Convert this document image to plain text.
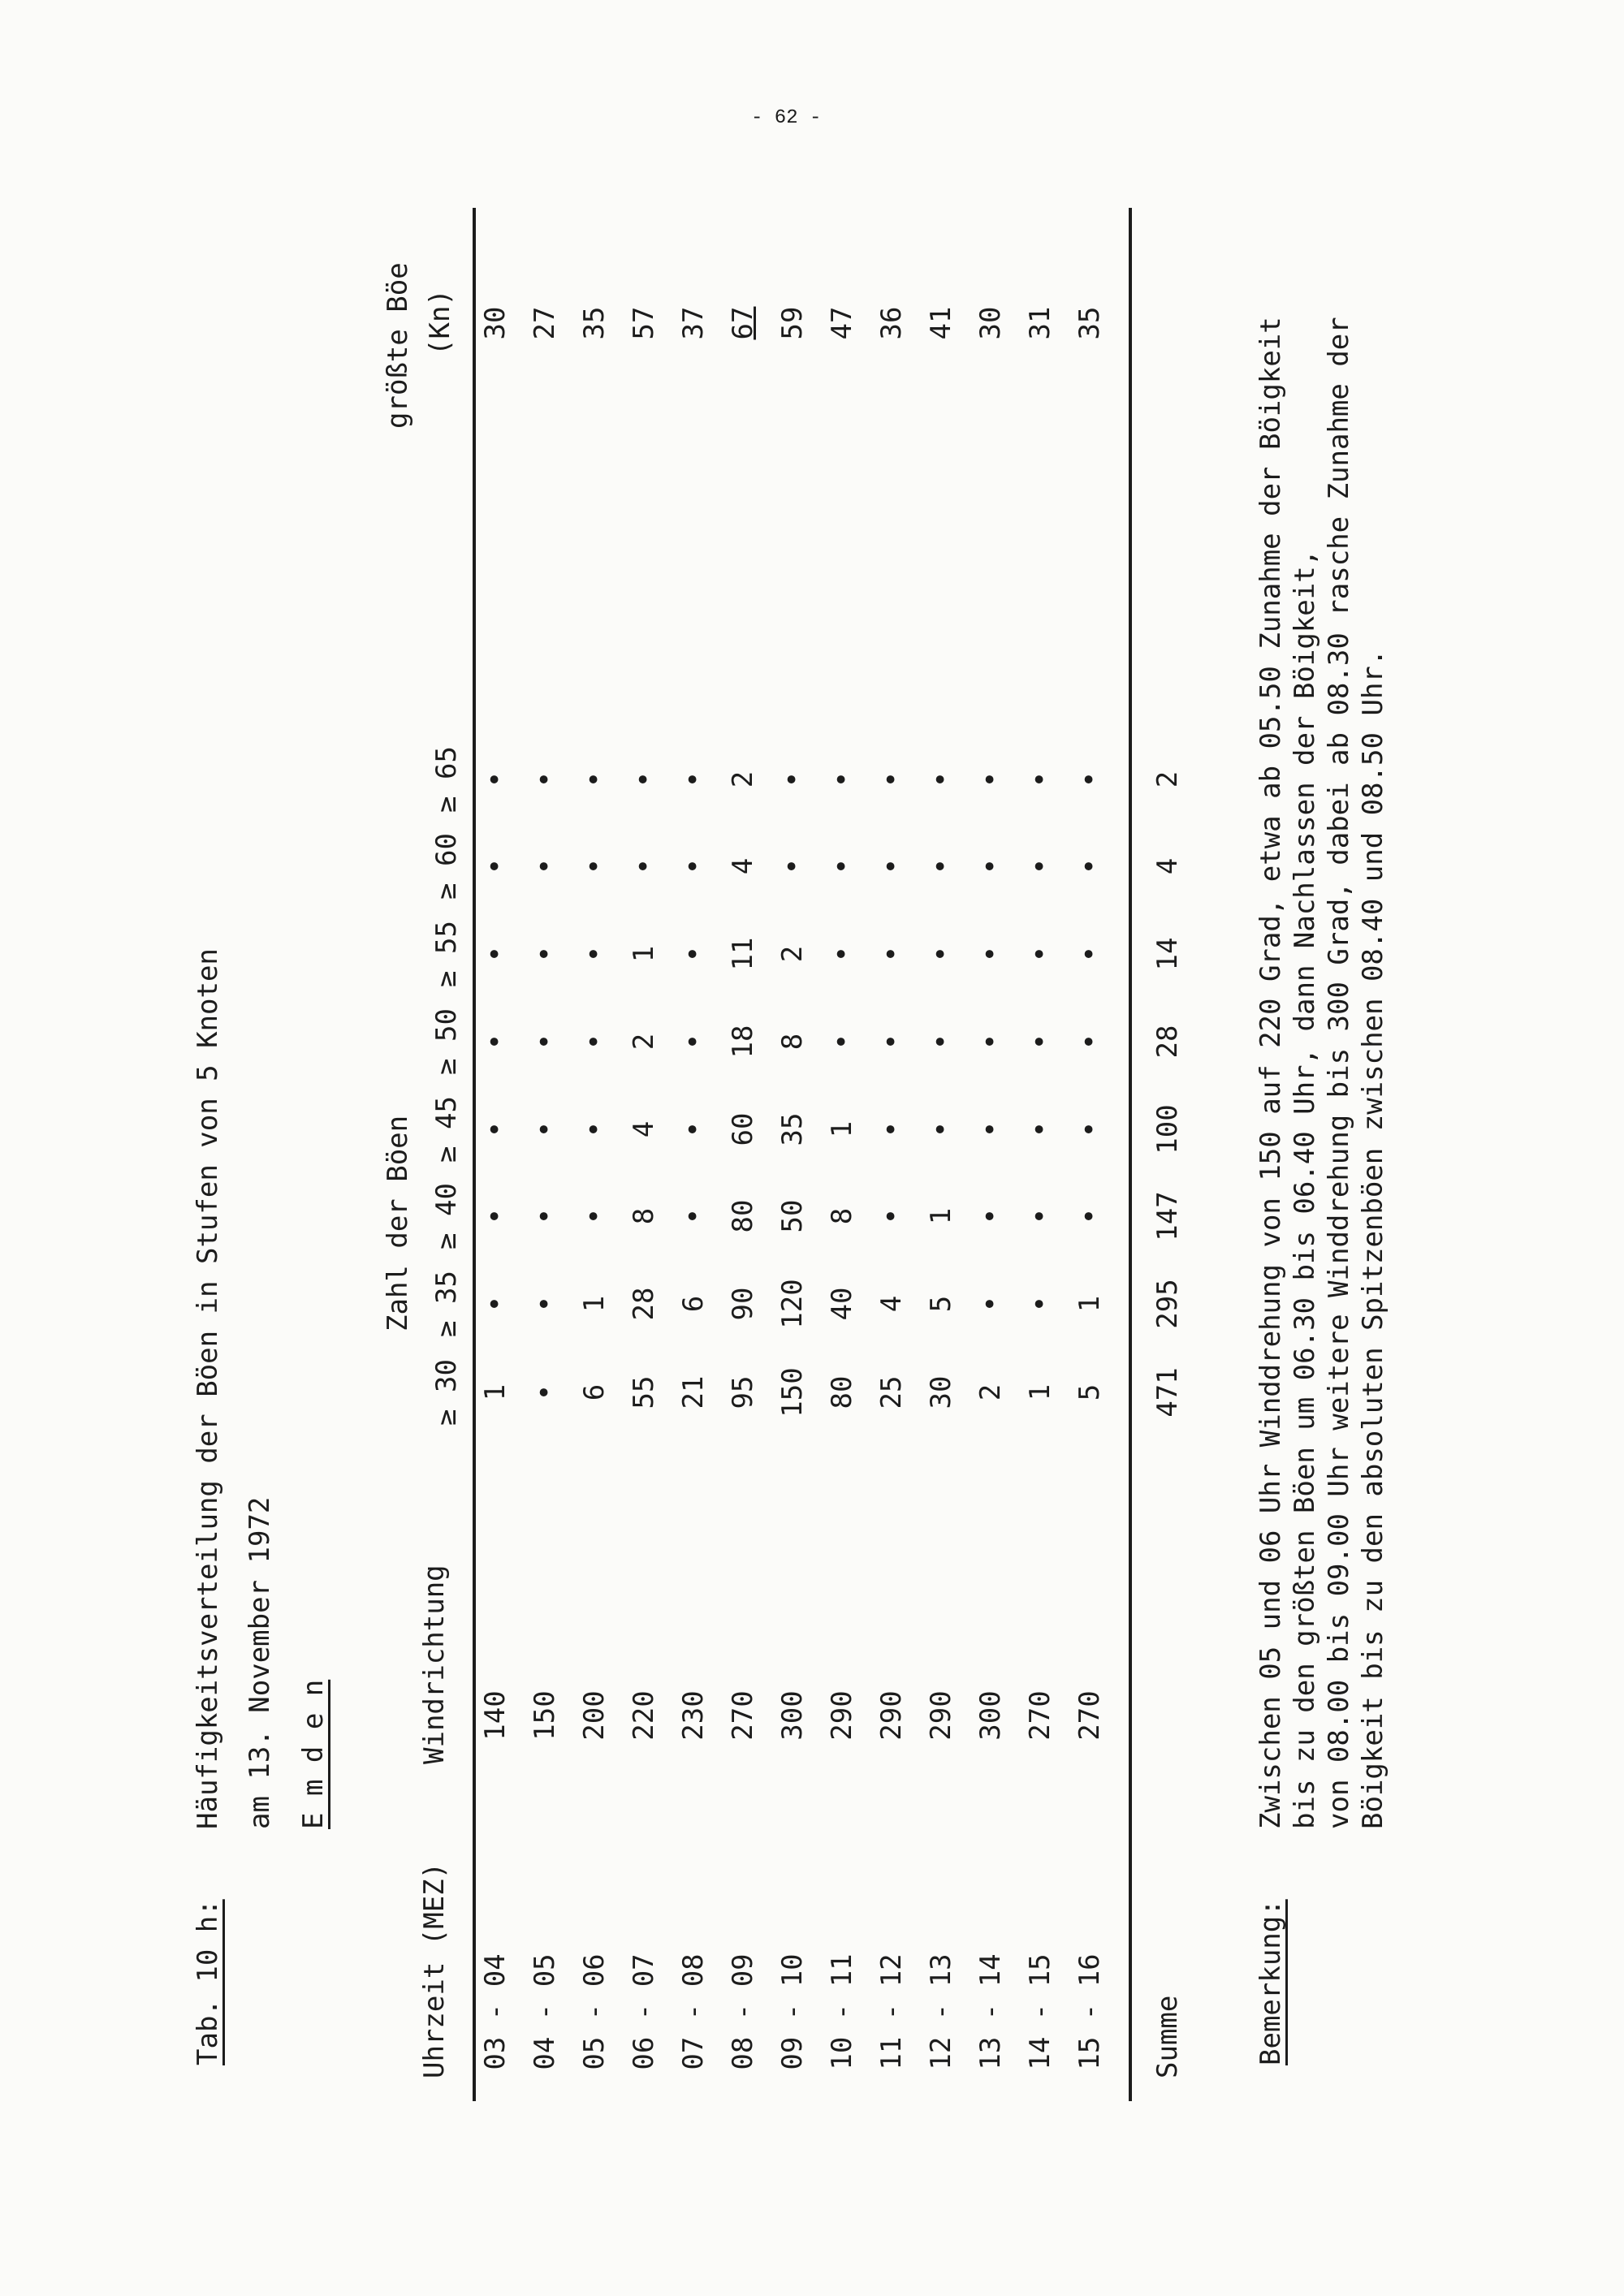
- 62 -
Tab. 10 h:
Häufigkeitsverteilung der Böen in Stufen von 5 Knoten am 13. November 1972 E m d e n
Zahl der Böen
größte Böe
Uhrzeit (MEZ)
Windrichtung
(Kn)
≥ 30
≥ 35
≥ 40
≥ 45
≥ 50
≥ 55
≥ 60
≥ 65
03 - 04
140
1
•
•
•
•
•
•
•
30
04 - 05
150
•
•
•
•
•
•
•
•
27
05 - 06
200
6
1
•
•
•
•
•
•
35
06 - 07
220
55
28
8
4
2
1
•
•
57
07 - 08
230
21
6
•
•
•
•
•
•
37
08 - 09
270
95
90
80
60
18
11
4
2
67
09 - 10
300
150
120
50
35
8
2
•
•
59
10 - 11
290
80
40
8
1
•
•
•
•
47
11 - 12
290
25
4
•
•
•
•
•
•
36
12 - 13
290
30
5
1
•
•
•
•
•
41
13 - 14
300
2
•
•
•
•
•
•
•
30
14 - 15
270
1
•
•
•
•
•
•
•
31
15 - 16
270
5
1
•
•
•
•
•
•
35
Summe
471
295
147
100
28
14
4
2
Bemerkung:
Zwischen 05 und 06 Uhr Winddrehung von 150 auf 220 Grad, etwa ab 05.50 Zunahme der Böigkeit bis zu den größten Böen um 06.30 bis 06.40 Uhr, dann Nachlassen der Böigkeit, von 08.00 bis 09.00 Uhr weitere Winddrehung bis 300 Grad, dabei ab 08.30 rasche Zunahme der Böigkeit bis zu den absoluten Spitzenböen zwischen 08.40 und 08.50 Uhr.
